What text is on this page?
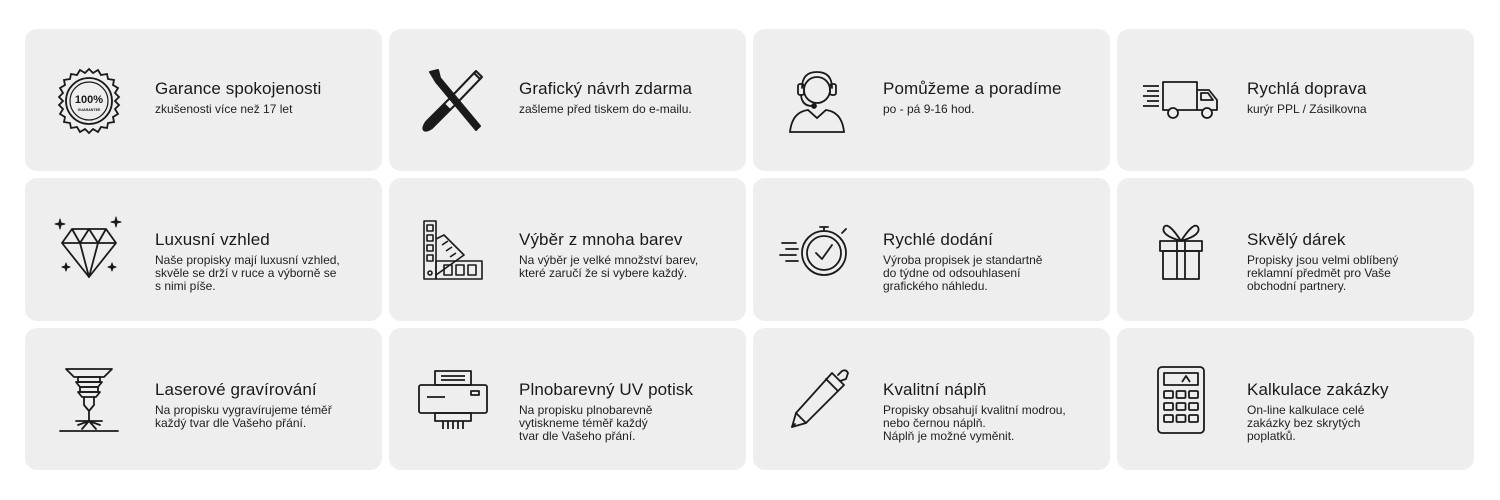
100%
GUARANTEE
Garance spokojenosti
zkušenosti více než 17 let
Grafický návrh zdarma
zašleme před tiskem do e-mailu.
Pomůžeme a poradíme
po - pá 9-16 hod.
Rychlá doprava
kurýr PPL / Zásilkovna
Luxusní vzhled
Naše propisky mají luxusní vzhled,
skvěle se drží v ruce a výborně se
s nimi píše.
Výběr z mnoha barev
Na výběr je velké množství barev,
které zaručí že si vybere každý.
Rychlé dodání
Výroba propisek je standartně
do týdne od odsouhlasení
grafického náhledu.
Skvělý dárek
Propisky jsou velmi oblíbený
reklamní předmět pro Vaše
obchodní partnery.
Laserové gravírování
Na propisku vygravírujeme téměř
každý tvar dle Vašeho přání.
Plnobarevný UV potisk
Na propisku plnobarevně
vytiskneme téměř každý
tvar dle Vašeho přání.
Kvalitní náplň
Propisky obsahují kvalitní modrou,
nebo černou náplň.
Náplň je možné vyměnit.
Kalkulace zakázky
On-line kalkulace celé
zakázky bez skrytých
poplatků.
